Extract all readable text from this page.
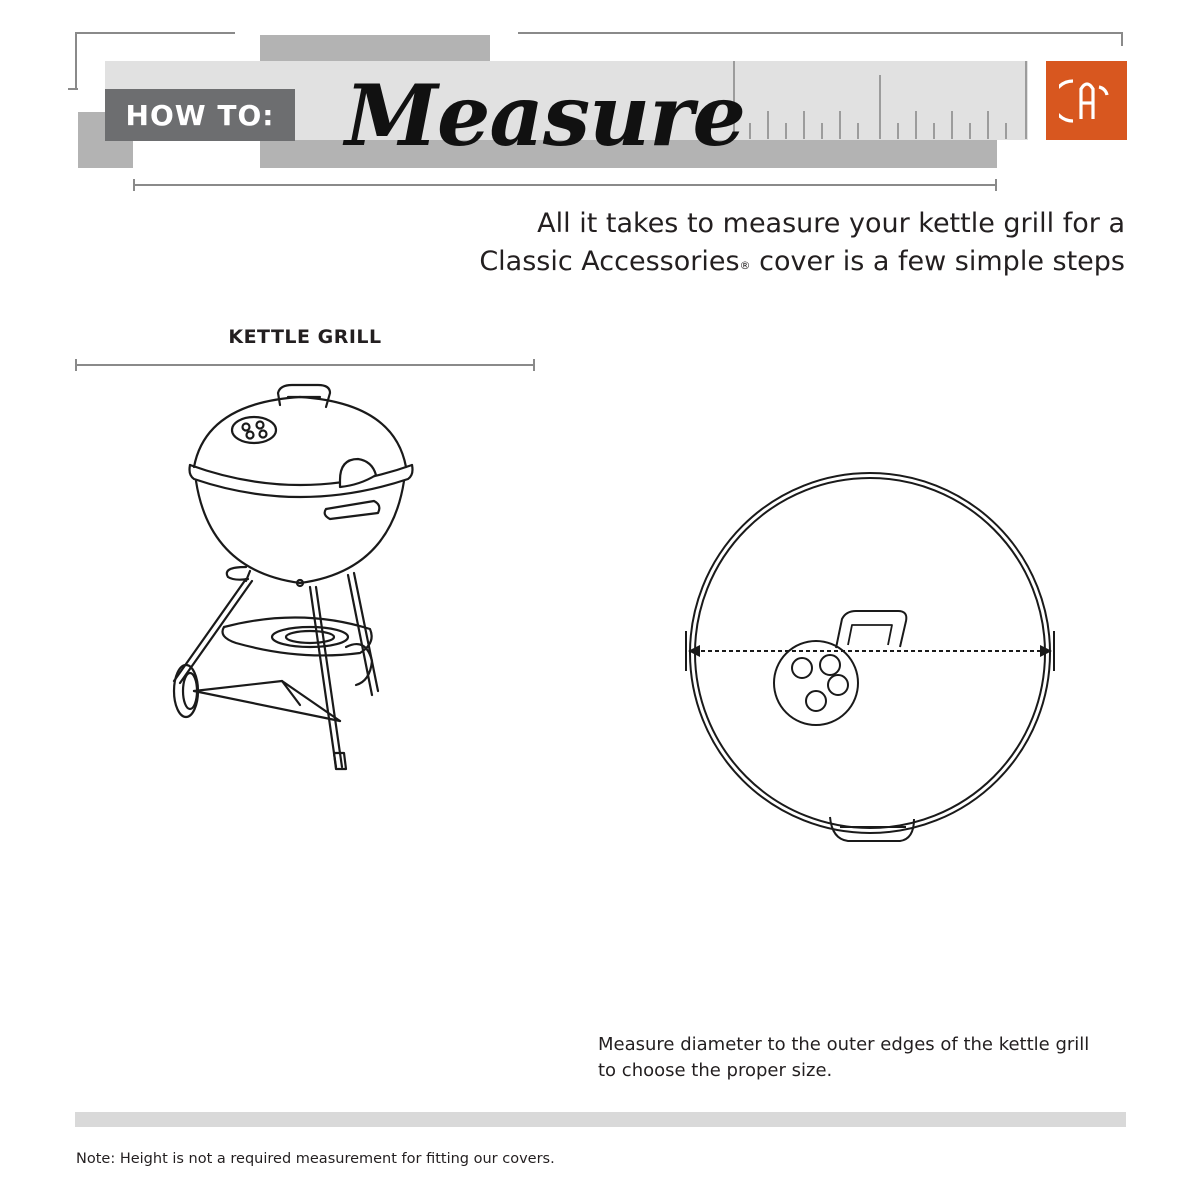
HOW TO: Measure
All it takes to measure your kettle grill for a
Classic Accessories® cover is a few simple steps
KETTLE GRILL
Measure diameter to the outer edges of the kettle grill
to choose the proper size.
Note: Height is not a required measurement for fitting our covers.
